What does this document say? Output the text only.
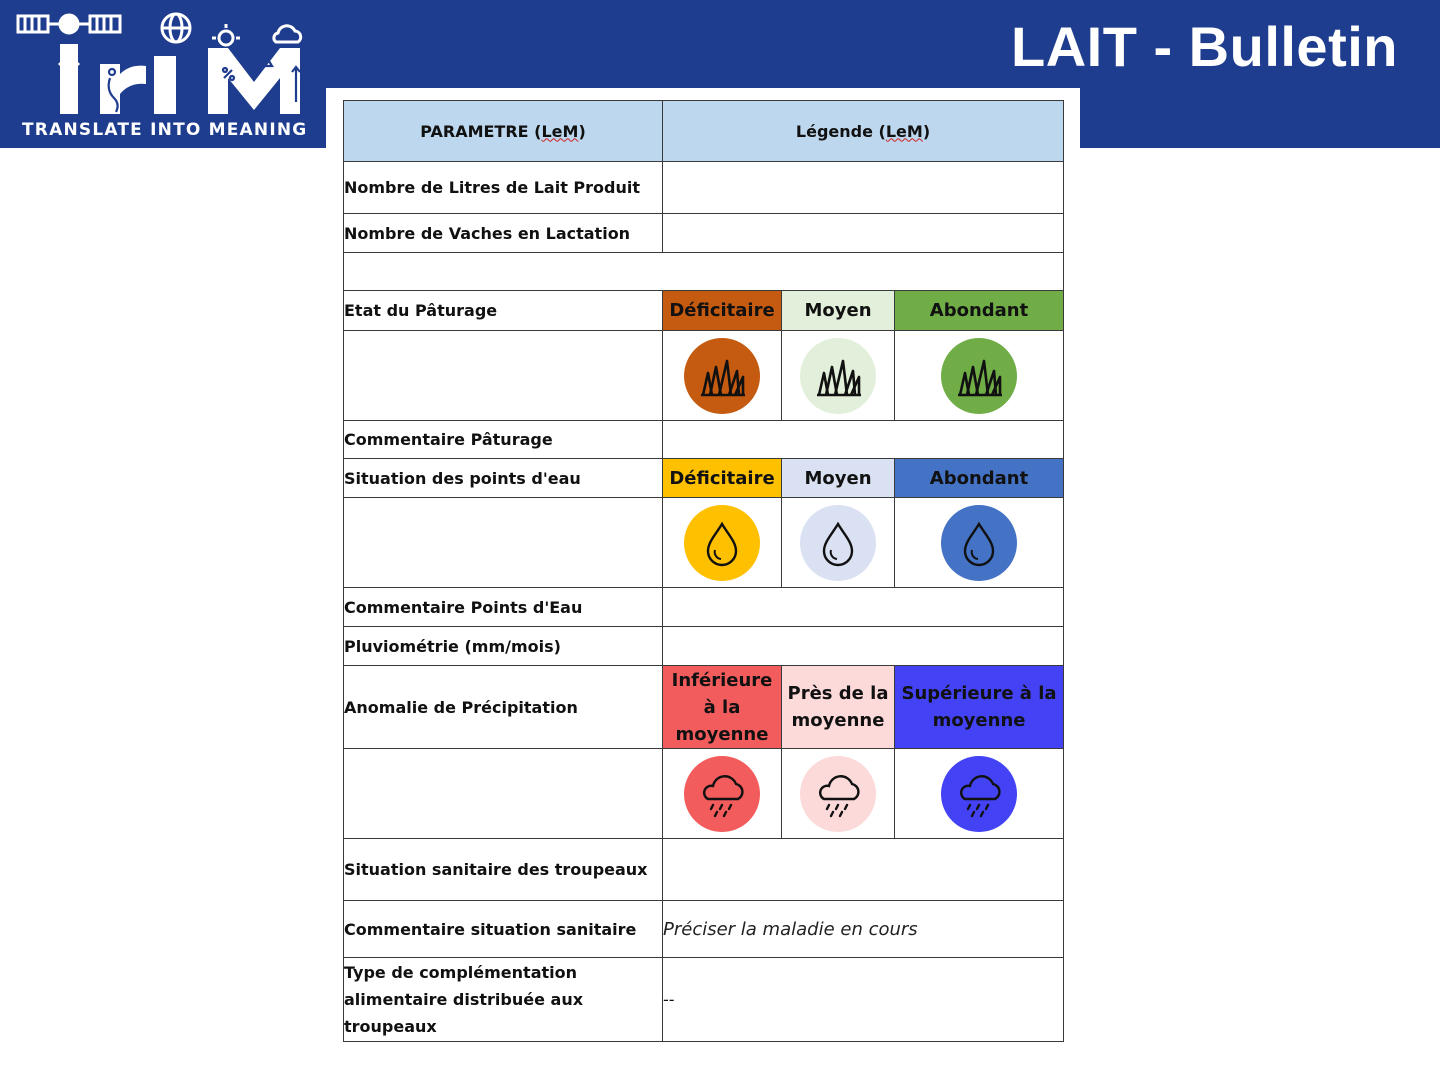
TRANSLATE INTO MEANING
LAIT - Bulletin
PARAMETRE (LeM)	Légende (LeM)		
Nombre de Litres de Lait Produit			
Nombre de Vaches en Lactation			

Etat du Pâturage	Déficitaire	Moyen	Abondant

Commentaire Pâturage			
Situation des points d'eau	Déficitaire	Moyen	Abondant

Commentaire Points d'Eau			
Pluviométrie (mm/mois)			
Anomalie de Précipitation	Inférieure à la moyenne	Près de la moyenne	Supérieure à la moyenne

Situation sanitaire des troupeaux			
Commentaire situation sanitaire	Préciser la maladie en cours		
Type de complémentation alimentaire distribuée aux troupeaux	--		
